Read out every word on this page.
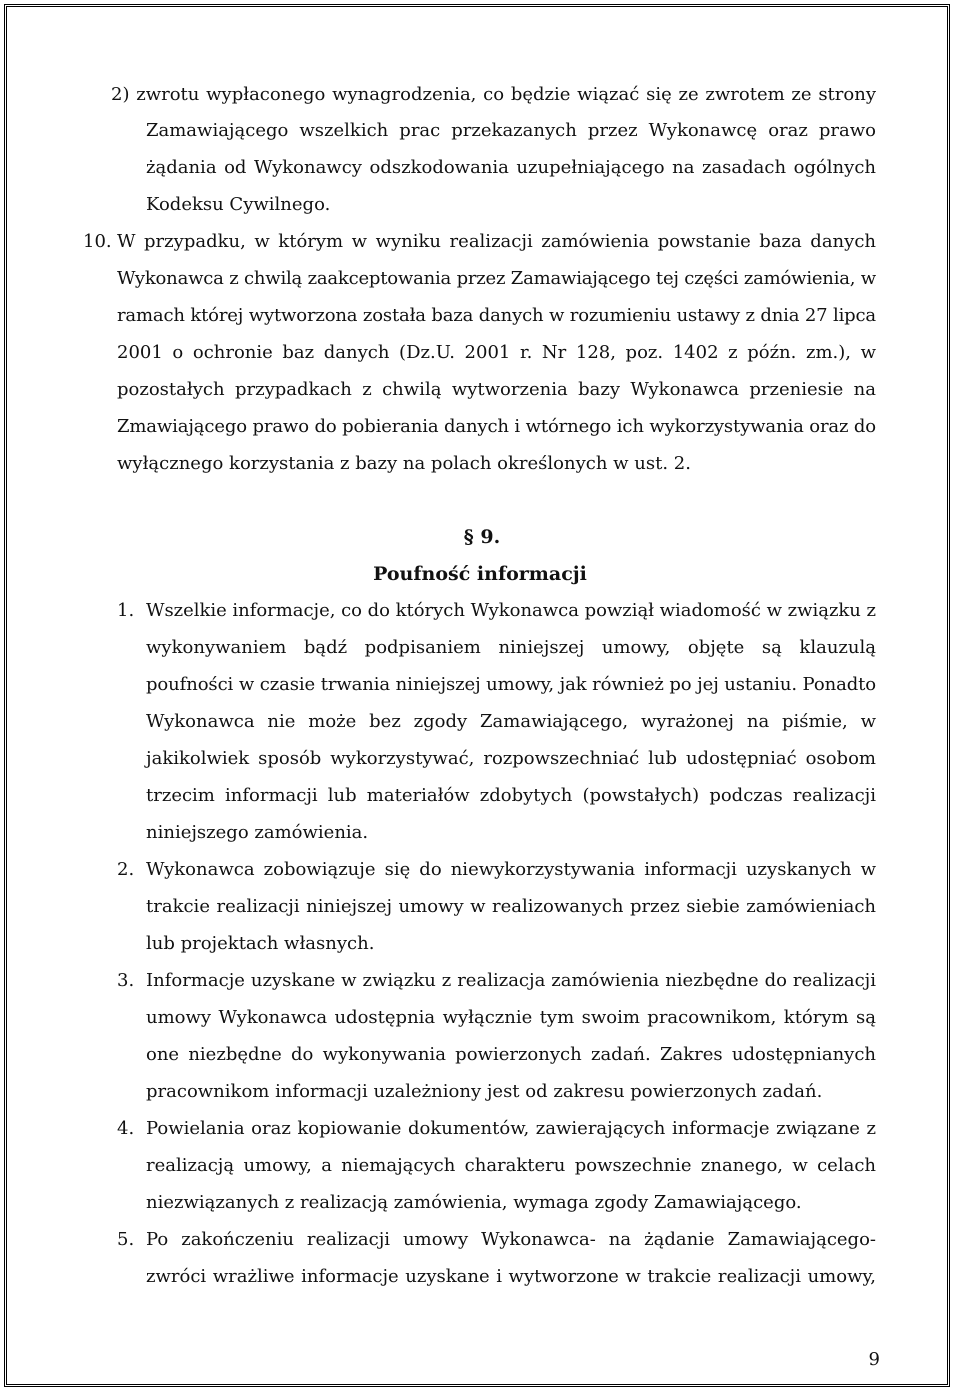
2) zwrotu wypłaconego wynagrodzenia, co będzie wiązać się ze zwrotem ze strony

Zamawiającego wszelkich prac przekazanych przez Wykonawcę oraz prawo

żądania od Wykonawcy odszkodowania uzupełniającego na zasadach ogólnych

Kodeksu Cywilnego.

10. W przypadku, w którym w wyniku realizacji zamówienia powstanie baza danych

Wykonawca z chwilą zaakceptowania przez Zamawiającego tej części zamówienia, w

ramach której wytworzona została baza danych w rozumieniu ustawy z dnia 27 lipca

2001 o ochronie baz danych (Dz.U. 2001 r. Nr 128, poz. 1402 z późn. zm.), w

pozostałych przypadkach z chwilą wytworzenia bazy Wykonawca przeniesie na

Zmawiającego prawo do pobierania danych i wtórnego ich wykorzystywania oraz do

wyłącznego korzystania z bazy na polach określonych w ust. 2.

§ 9.

Poufność informacji

1. Wszelkie informacje, co do których Wykonawca powziął wiadomość w związku z

wykonywaniem bądź podpisaniem niniejszej umowy, objęte są klauzulą

poufności w czasie trwania niniejszej umowy, jak również po jej ustaniu. Ponadto

Wykonawca nie może bez zgody Zamawiającego, wyrażonej na piśmie, w

jakikolwiek sposób wykorzystywać, rozpowszechniać lub udostępniać osobom

trzecim informacji lub materiałów zdobytych (powstałych) podczas realizacji

niniejszego zamówienia.

2. Wykonawca zobowiązuje się do niewykorzystywania informacji uzyskanych w

trakcie realizacji niniejszej umowy w realizowanych przez siebie zamówieniach

lub projektach własnych.

3. Informacje uzyskane w związku z realizacja zamówienia niezbędne do realizacji

umowy Wykonawca udostępnia wyłącznie tym swoim pracownikom, którym są

one niezbędne do wykonywania powierzonych zadań. Zakres udostępnianych

pracownikom informacji uzależniony jest od zakresu powierzonych zadań.

4. Powielania oraz kopiowanie dokumentów, zawierających informacje związane z

realizacją umowy, a niemających charakteru powszechnie znanego, w celach

niezwiązanych z realizacją zamówienia, wymaga zgody Zamawiającego.

5. Po zakończeniu realizacji umowy Wykonawca- na żądanie Zamawiającego-

zwróci wrażliwe informacje uzyskane i wytworzone w trakcie realizacji umowy,

9
